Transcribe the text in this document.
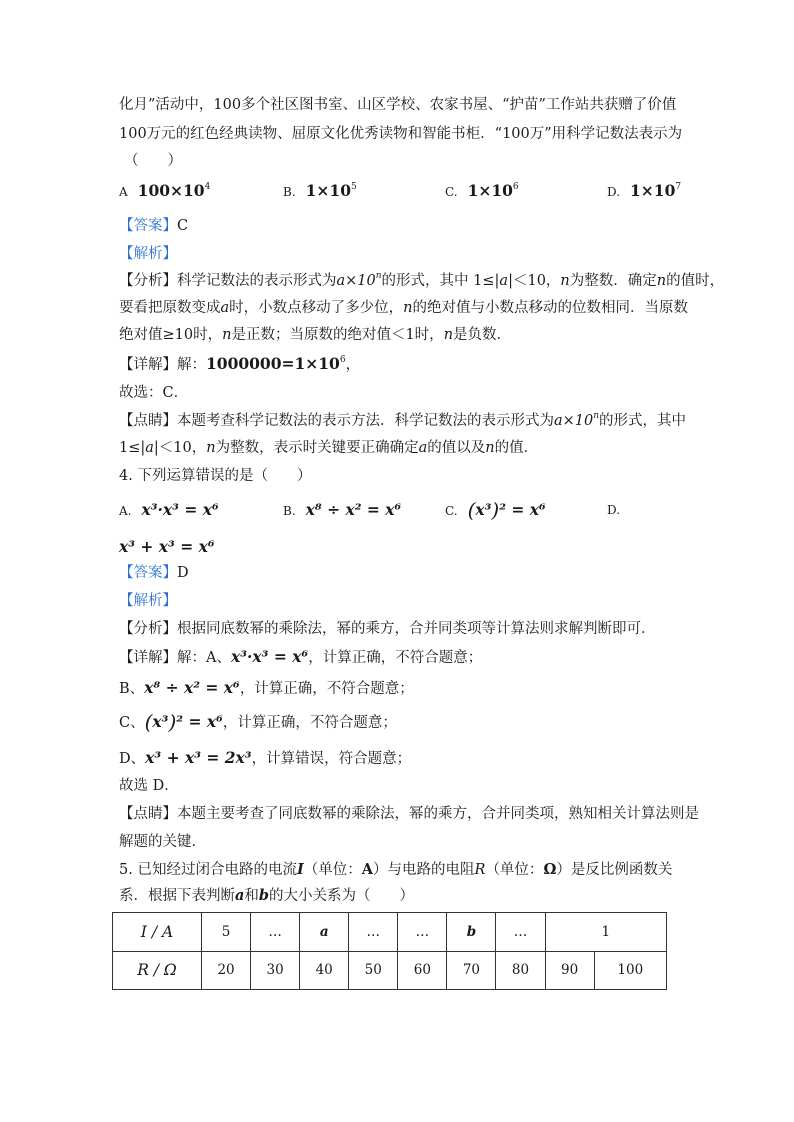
化月”活动中，100多个社区图书室、山区学校、农家书屋、“护苗”工作站共获赠了价值
100万元的红色经典读物、屈原文化优秀读物和智能书柜．“100万”用科学记数法表示为
（　　）
A $100\times 10^4$	B. $1\times 10^5$	C. $1\times 10^6$	D. $1\times 10^7$
【答案】C
【解析】
【分析】科学记数法的表示形式为$a\times 10^n$的形式，其中 1≤|a|＜10，n为整数．确定n的值时，
要看把原数变成a时，小数点移动了多少位，n的绝对值与小数点移动的位数相同．当原数
绝对值≥10时，n是正数；当原数的绝对值＜1时，n是负数．
【详解】解：$1000000=1\times 10^6$，
故选：C．
【点睛】本题考查科学记数法的表示方法．科学记数法的表示形式为$a\times 10^n$的形式，其中
1≤|a|＜10，n为整数，表示时关键要正确确定a的值以及n的值．
4. 下列运算错误的是（　　）
A. x³·x³ = x⁶	B. x⁸ ÷ x² = x⁶	C. (x³)² = x⁶	D.
x³ + x³ = x⁶
【答案】D
【解析】
【分析】根据同底数幂的乘除法，幂的乘方，合并同类项等计算法则求解判断即可．
【详解】解：A、x³·x³ = x⁶，计算正确，不符合题意；
B、x⁸ ÷ x² = x⁶，计算正确，不符合题意；
C、(x³)² = x⁶，计算正确，不符合题意；
D、x³ + x³ = 2x³，计算错误，符合题意；
故选 D．
【点睛】本题主要考查了同底数幂的乘除法，幂的乘方，合并同类项，熟知相关计算法则是
解题的关键．
5. 已知经过闭合电路的电流I（单位：A）与电路的电阻R（单位：Ω）是反比例函数关
系．根据下表判断a和b的大小关系为（　　）
I / A	5	…	a	…	…	b	…	1	
R / Ω	20	30	40	50	60	70	80	90	100
